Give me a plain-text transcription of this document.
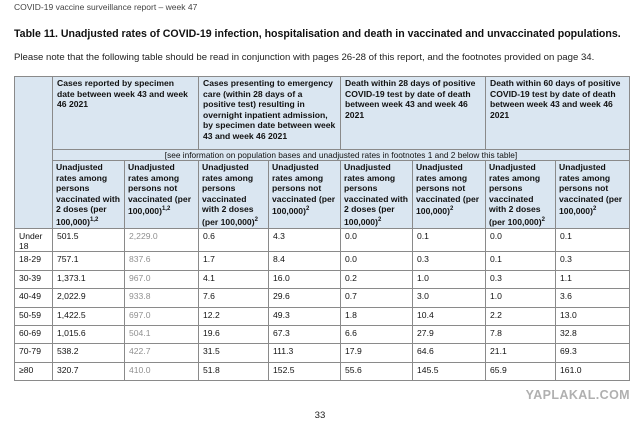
COVID-19 vaccine surveillance report – week 47
Table 11. Unadjusted rates of COVID-19 infection, hospitalisation and death in vaccinated and unvaccinated populations.
Please note that the following table should be read in conjunction with pages 26-28 of this report, and the footnotes provided on page 34.
	Cases reported by specimen date between week 43 and week 46 2021		Cases presenting to emergency care (within 28 days of a positive test) resulting in overnight inpatient admission, by specimen date between week 43 and week 46 2021		Death within 28 days of positive COVID-19 test by date of death between week 43 and week 46 2021		Death within 60 days of positive COVID-19 test by date of death between week 43 and week 46 2021	
	[see information on population bases and unadjusted rates in footnotes 1 and 2 below this table]							
	Unadjusted rates among persons vaccinated with 2 doses (per 100,000)$^{1,2}$	Unadjusted rates among persons not vaccinated (per 100,000)$^{1,2}$	Unadjusted rates among persons vaccinated with 2 doses (per 100,000)$^2$	Unadjusted rates among persons not vaccinated (per 100,000)$^2$	Unadjusted rates among persons vaccinated with 2 doses (per 100,000)$^2$	Unadjusted rates among persons not vaccinated (per 100,000)$^2$	Unadjusted rates among persons vaccinated with 2 doses (per 100,000)$^2$	Unadjusted rates among persons not vaccinated (per 100,000)$^2$
Under 18	501.5	2,229.0	0.6	4.3	0.0	0.1	0.0	0.1
18-29	757.1	837.6	1.7	8.4	0.0	0.3	0.1	0.3
30-39	1,373.1	967.0	4.1	16.0	0.2	1.0	0.3	1.1
40-49	2,022.9	933.8	7.6	29.6	0.7	3.0	1.0	3.6
50-59	1,422.5	697.0	12.2	49.3	1.8	10.4	2.2	13.0
60-69	1,015.6	504.1	19.6	67.3	6.6	27.9	7.8	32.8
70-79	538.2	422.7	31.5	111.3	17.9	64.6	21.1	69.3
≥80	320.7	410.0	51.8	152.5	55.6	145.5	65.9	161.0
33
YAPLAKAL.COM
